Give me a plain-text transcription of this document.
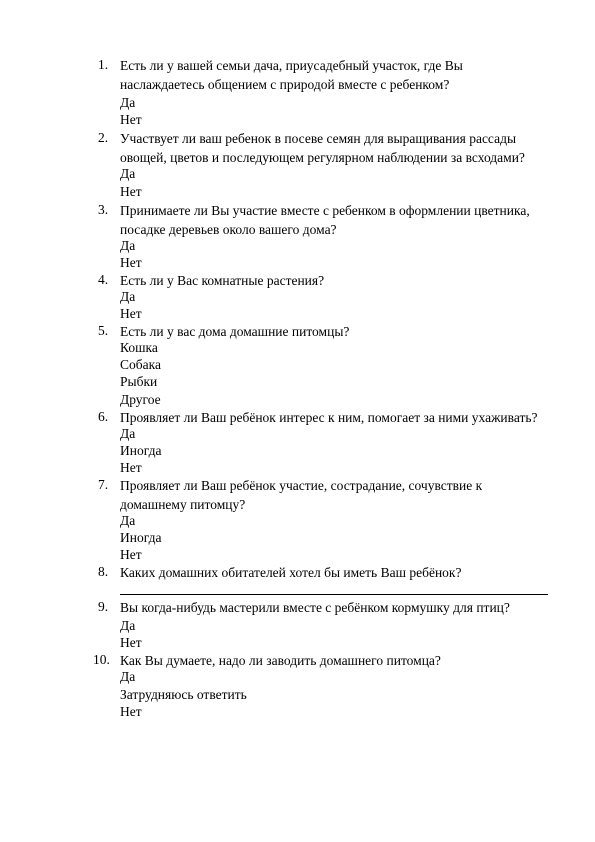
1. Есть ли у вашей семьи дача, приусадебный участок, где Вы
наслаждаетесь общением с природой вместе с ребенком?
Да
Нет
2. Участвует ли ваш ребенок в посеве семян для выращивания рассады
овощей, цветов и последующем регулярном наблюдении за всходами?
Да
Нет
3. Принимаете ли Вы участие вместе с ребенком в оформлении цветника,
посадке деревьев около вашего дома?
Да
Нет
4. Есть ли у Вас комнатные растения?
Да
Нет
5. Есть ли у вас дома домашние питомцы?
Кошка
Собака
Рыбки
Другое
6. Проявляет ли Ваш ребёнок интерес к ним, помогает за ними ухаживать?
Да
Иногда
Нет
7. Проявляет ли Ваш ребёнок участие, сострадание, сочувствие к
домашнему питомцу?
Да
Иногда
Нет
8. Каких домашних обитателей хотел бы иметь Ваш ребёнок?
9. Вы когда-нибудь мастерили вместе с ребёнком кормушку для птиц?
Да
Нет
10. Как Вы думаете, надо ли заводить домашнего питомца?
Да
Затрудняюсь ответить
Нет
